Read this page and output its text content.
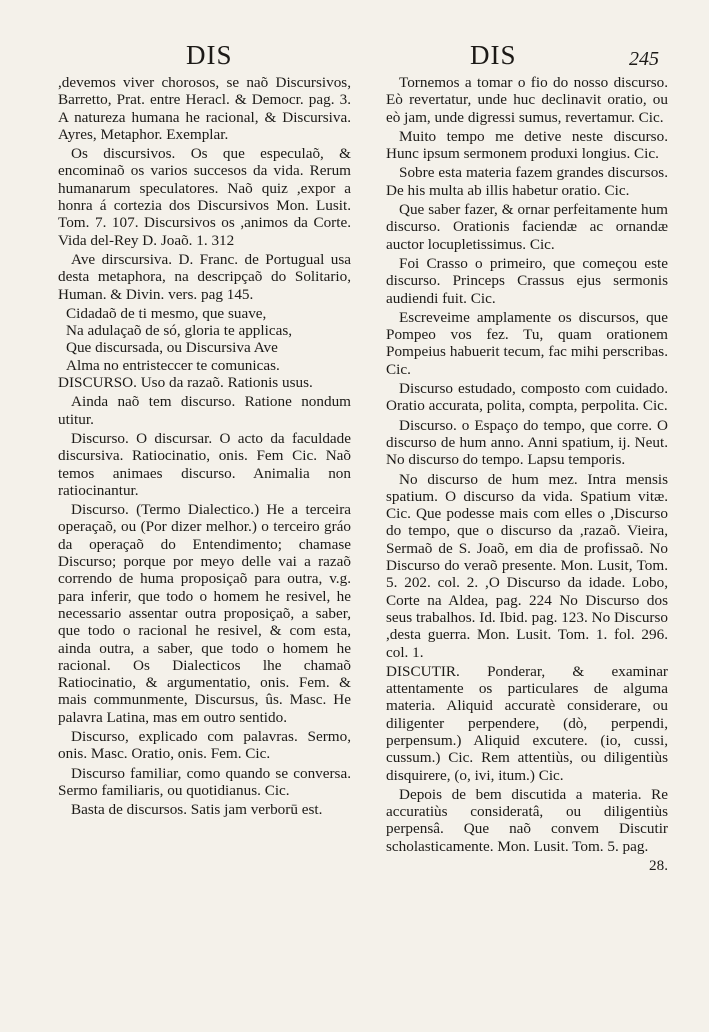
DIS	DIS	245

,devemos viver chorosos, se naõ Discursivos, Barretto, Prat. entre Heracl. & Democr. pag. 3. A natureza humana he racional, & Discursiva. Ayres, Metaphor. Exemplar.

Os discursivos. Os que especulaõ, & encominaõ os varios succesos da vida. Rerum humanarum speculatores. Naõ quiz ,expor a honra á cortezia dos Discursivos Mon. Lusit. Tom. 7. 107. Discursivos os ,animos da Corte. Vida del-Rey D. Joaõ. 1. 312

Ave dirscursiva. D. Franc. de Portugual usa desta metaphora, na descripçaõ do Solitario, Human. & Divin. vers. pag 145.

Cidadaõ de ti mesmo, que suave,

Na adulaçaõ de só, gloria te applicas,

Que discursada, ou Discursiva Ave

Alma no entristeccer te comunicas.

DISCURSO. Uso da razaõ. Rationis usus.

Ainda naõ tem discurso. Ratione nondum utitur.

Discurso. O discursar. O acto da faculdade discursiva. Ratiocinatio, onis. Fem Cic. Naõ temos animaes discurso. Animalia non ratiocinantur.

Discurso. (Termo Dialectico.) He a terceira operaçaõ, ou (Por dizer melhor.) o terceiro gráo da operaçaõ do Entendimento; chamase Discurso; porque por meyo delle vai a razaõ correndo de huma proposiçaõ para outra, v.g. para inferir, que todo o homem he resivel, he necessario assentar outra proposiçaõ, a saber, que todo o racional he resivel, & com esta, ainda outra, a saber, que todo o homem he racional. Os Dialecticos lhe chamaõ Ratiocinatio, & argumentatio, onis. Fem. & mais communmente, Discursus, ûs. Masc. He palavra Latina, mas em outro sentido.

Discurso, explicado com palavras. Sermo, onis. Masc. Oratio, onis. Fem. Cic.

Discurso familiar, como quando se conversa. Sermo familiaris, ou quotidianus. Cic.

Basta de discursos. Satis jam verborū est.

Tornemos a tomar o fio do nosso discurso. Eò revertatur, unde huc declinavit oratio, ou eò jam, unde digressi sumus, revertamur. Cic.

Muito tempo me detive neste discurso. Hunc ipsum sermonem produxi longius. Cic.

Sobre esta materia fazem grandes discursos. De his multa ab illis habetur oratio. Cic.

Que saber fazer, & ornar perfeitamente hum discurso. Orationis faciendæ ac ornandæ auctor locupletissimus. Cic.

Foi Crasso o primeiro, que começou este discurso. Princeps Crassus ejus sermonis audiendi fuit. Cic.

Escreveime amplamente os discursos, que Pompeo vos fez. Tu, quam orationem Pompeius habuerit tecum, fac mihi perscribas. Cic.

Discurso estudado, composto com cuidado. Oratio accurata, polita, compta, perpolita. Cic.

Discurso. o Espaço do tempo, que corre. O discurso de hum anno. Anni spatium, ij. Neut. No discurso do tempo. Lapsu temporis.

No discurso de hum mez. Intra mensis spatium. O discurso da vida. Spatium vitæ. Cic. Que podesse mais com elles o ,Discurso do tempo, que o discurso da ,razaõ. Vieira, Sermaõ de S. Joaõ, em dia de profissaõ. No Discurso do veraõ presente. Mon. Lusit, Tom. 5. 202. col. 2. ,O Discurso da idade. Lobo, Corte na Aldea, pag. 224 No Discurso dos seus trabalhos. Id. Ibid. pag. 123. No Discurso ,desta guerra. Mon. Lusit. Tom. 1. fol. 296. col. 1.

DISCUTIR. Ponderar, & examinar attentamente os particulares de alguma materia. Aliquid accuratè considerare, ou diligenter perpendere, (dò, perpendi, perpensum.) Aliquid excutere. (io, cussi, cussum.) Cic. Rem attentiùs, ou diligentiùs disquirere, (o, ivi, itum.) Cic.

Depois de bem discutida a materia. Re accuratiùs consideratâ, ou diligentiùs perpensâ. Que naõ convem Discutir scholasticamente. Mon. Lusit. Tom. 5. pag.

28.
